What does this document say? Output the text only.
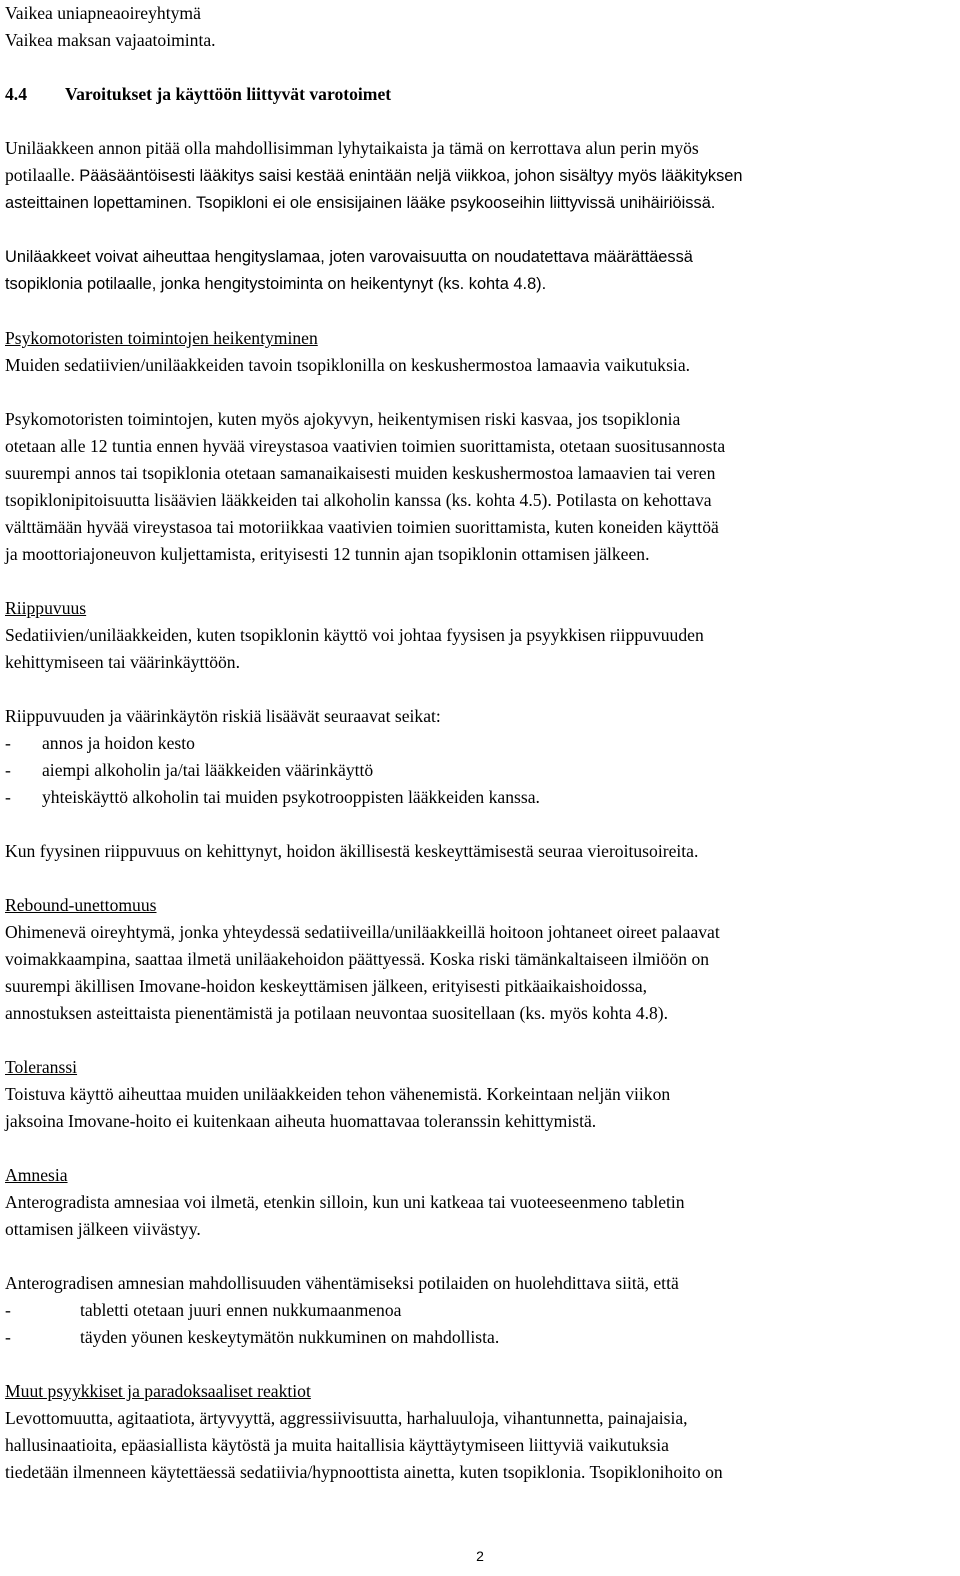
Vaikea uniapneaoireyhtymä
Vaikea maksan vajaatoiminta.
4.4 Varoitukset ja käyttöön liittyvät varotoimet
Uniläakkeen annon pitää olla mahdollisimman lyhytaikaista ja tämä on kerrottava alun perin myös
potilaalle. Pääsääntöisesti lääkitys saisi kestää enintään neljä viikkoa, johon sisältyy myös lääkityksen
asteittainen lopettaminen. Tsopikloni ei ole ensisijainen lääke psykooseihin liittyvissä unihäiriöissä.
Uniläakkeet voivat aiheuttaa hengityslamaa, joten varovaisuutta on noudatettava määrättäessä
tsopiklonia potilaalle, jonka hengitystoiminta on heikentynyt (ks. kohta 4.8).
Psykomotoristen toimintojen heikentyminen
Muiden sedatiivien/uniläakkeiden tavoin tsopiklonilla on keskushermostoa lamaavia vaikutuksia.
Psykomotoristen toimintojen, kuten myös ajokyvyn, heikentymisen riski kasvaa, jos tsopiklonia
otetaan alle 12 tuntia ennen hyvää vireystasoa vaativien toimien suorittamista, otetaan suositusannosta
suurempi annos tai tsopiklonia otetaan samanaikaisesti muiden keskushermostoa lamaavien tai veren
tsopiklonipitoisuutta lisäävien lääkkeiden tai alkoholin kanssa (ks. kohta 4.5). Potilasta on kehottava
välttämään hyvää vireystasoa tai motoriikkaa vaativien toimien suorittamista, kuten koneiden käyttöä
ja moottoriajoneuvon kuljettamista, erityisesti 12 tunnin ajan tsopiklonin ottamisen jälkeen.
Riippuvuus
Sedatiivien/uniläakkeiden, kuten tsopiklonin käyttö voi johtaa fyysisen ja psyykkisen riippuvuuden
kehittymiseen tai väärinkäyttöön.
Riippuvuuden ja väärinkäytön riskiä lisäävät seuraavat seikat:
- annos ja hoidon kesto
- aiempi alkoholin ja/tai lääkkeiden väärinkäyttö
- yhteiskäyttö alkoholin tai muiden psykotrooppisten lääkkeiden kanssa.
Kun fyysinen riippuvuus on kehittynyt, hoidon äkillisestä keskeyttämisestä seuraa vieroitusoireita.
Rebound-unettomuus
Ohimenevä oireyhtymä, jonka yhteydessä sedatiiveilla/uniläakkeillä hoitoon johtaneet oireet palaavat
voimakkaampina, saattaa ilmetä uniläakehoidon päättyessä. Koska riski tämänkaltaiseen ilmiöön on
suurempi äkillisen Imovane-hoidon keskeyttämisen jälkeen, erityisesti pitkäaikaishoidossa,
annostuksen asteittaista pienentämistä ja potilaan neuvontaa suositellaan (ks. myös kohta 4.8).
Toleranssi
Toistuva käyttö aiheuttaa muiden uniläakkeiden tehon vähenemistä. Korkeintaan neljän viikon
jaksoina Imovane-hoito ei kuitenkaan aiheuta huomattavaa toleranssin kehittymistä.
Amnesia
Anterogradista amnesiaa voi ilmetä, etenkin silloin, kun uni katkeaa tai vuoteeseenmeno tabletin
ottamisen jälkeen viivästyy.
Anterogradisen amnesian mahdollisuuden vähentämiseksi potilaiden on huolehdittava siitä, että
-	tabletti otetaan juuri ennen nukkumaanmenoa
-	täyden yöunen keskeytymätön nukkuminen on mahdollista.
Muut psyykkiset ja paradoksaaliset reaktiot
Levottomuutta, agitaatiota, ärtyvyyttä, aggressiivisuutta, harhaluuloja, vihantunnetta, painajaisia,
hallusinaatioita, epäasiallista käytöstä ja muita haitallisia käyttäytymiseen liittyviä vaikutuksia
tiedetään ilmenneen käytettäessä sedatiivia/hypnoottista ainetta, kuten tsopiklonia. Tsopiklonihoito on
2
